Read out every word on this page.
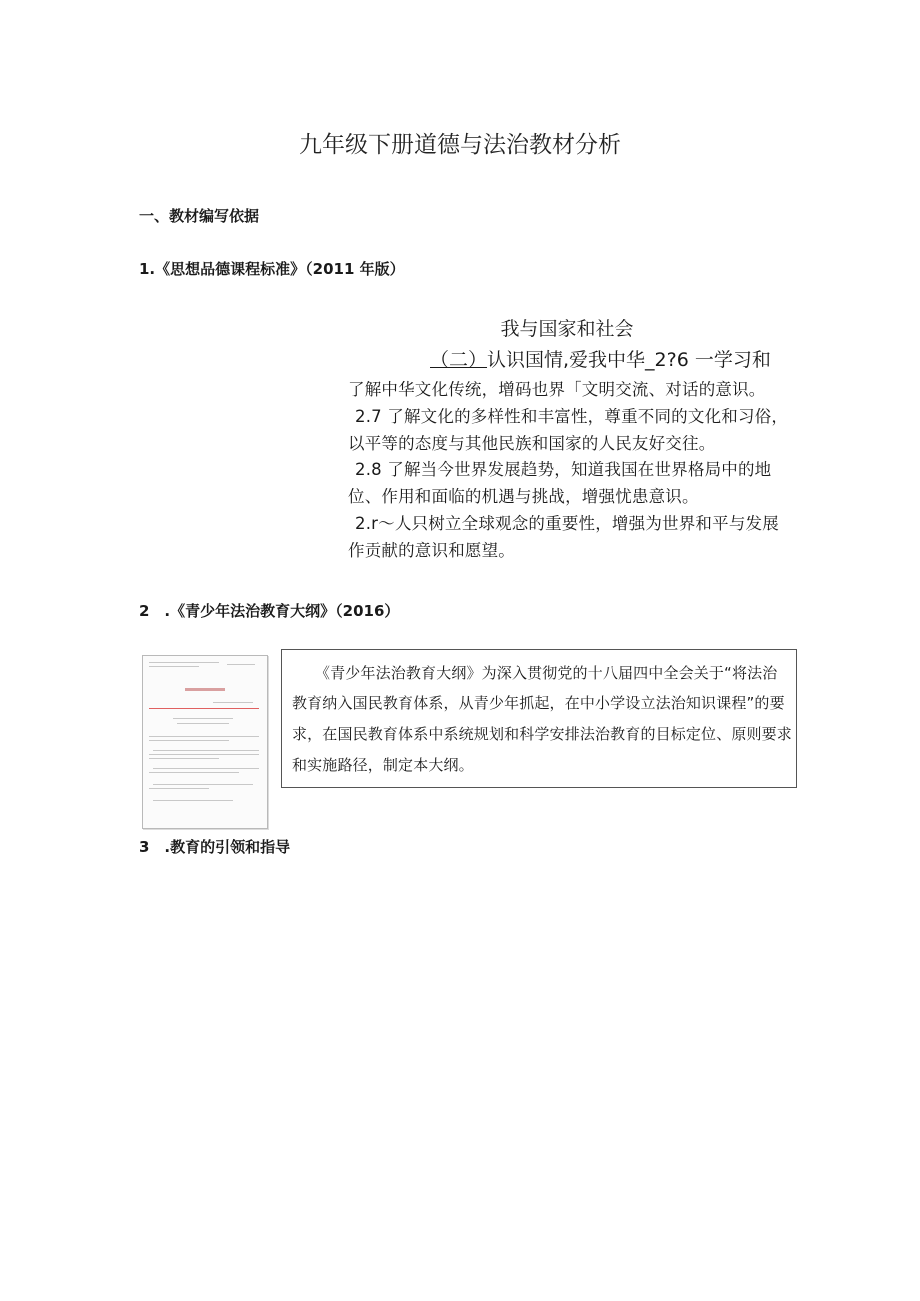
九年级下册道德与法治教材分析
一、教材编写依据
1.《思想品德课程标准》（2011 年版）
我与国家和社会
（二）认识国情,爱我中华_2?6 一学习和
了解中华文化传统，增码也界「文明交流、对话的意识。
2.7 了解文化的多样性和丰富性，尊重不同的文化和习俗，
以平等的态度与其他民族和国家的人民友好交往。
2.8 了解当今世界发展趋势，知道我国在世界格局中的地
位、作用和面临的机遇与挑战，增强忧患意识。
2.r～人只树立全球观念的重要性，增强为世界和平与发展
作贡献的意识和愿望。
2　.《青少年法治教育大纲》（2016）
《青少年法治教育大纲》为深入贯彻党的十八届四中全会关于“将法治
教育纳入国民教育体系，从青少年抓起，在中小学设立法治知识课程”的要
求，在国民教育体系中系统规划和科学安排法治教育的目标定位、原则要求
和实施路径，制定本大纲。
3　.教育的引领和指导
